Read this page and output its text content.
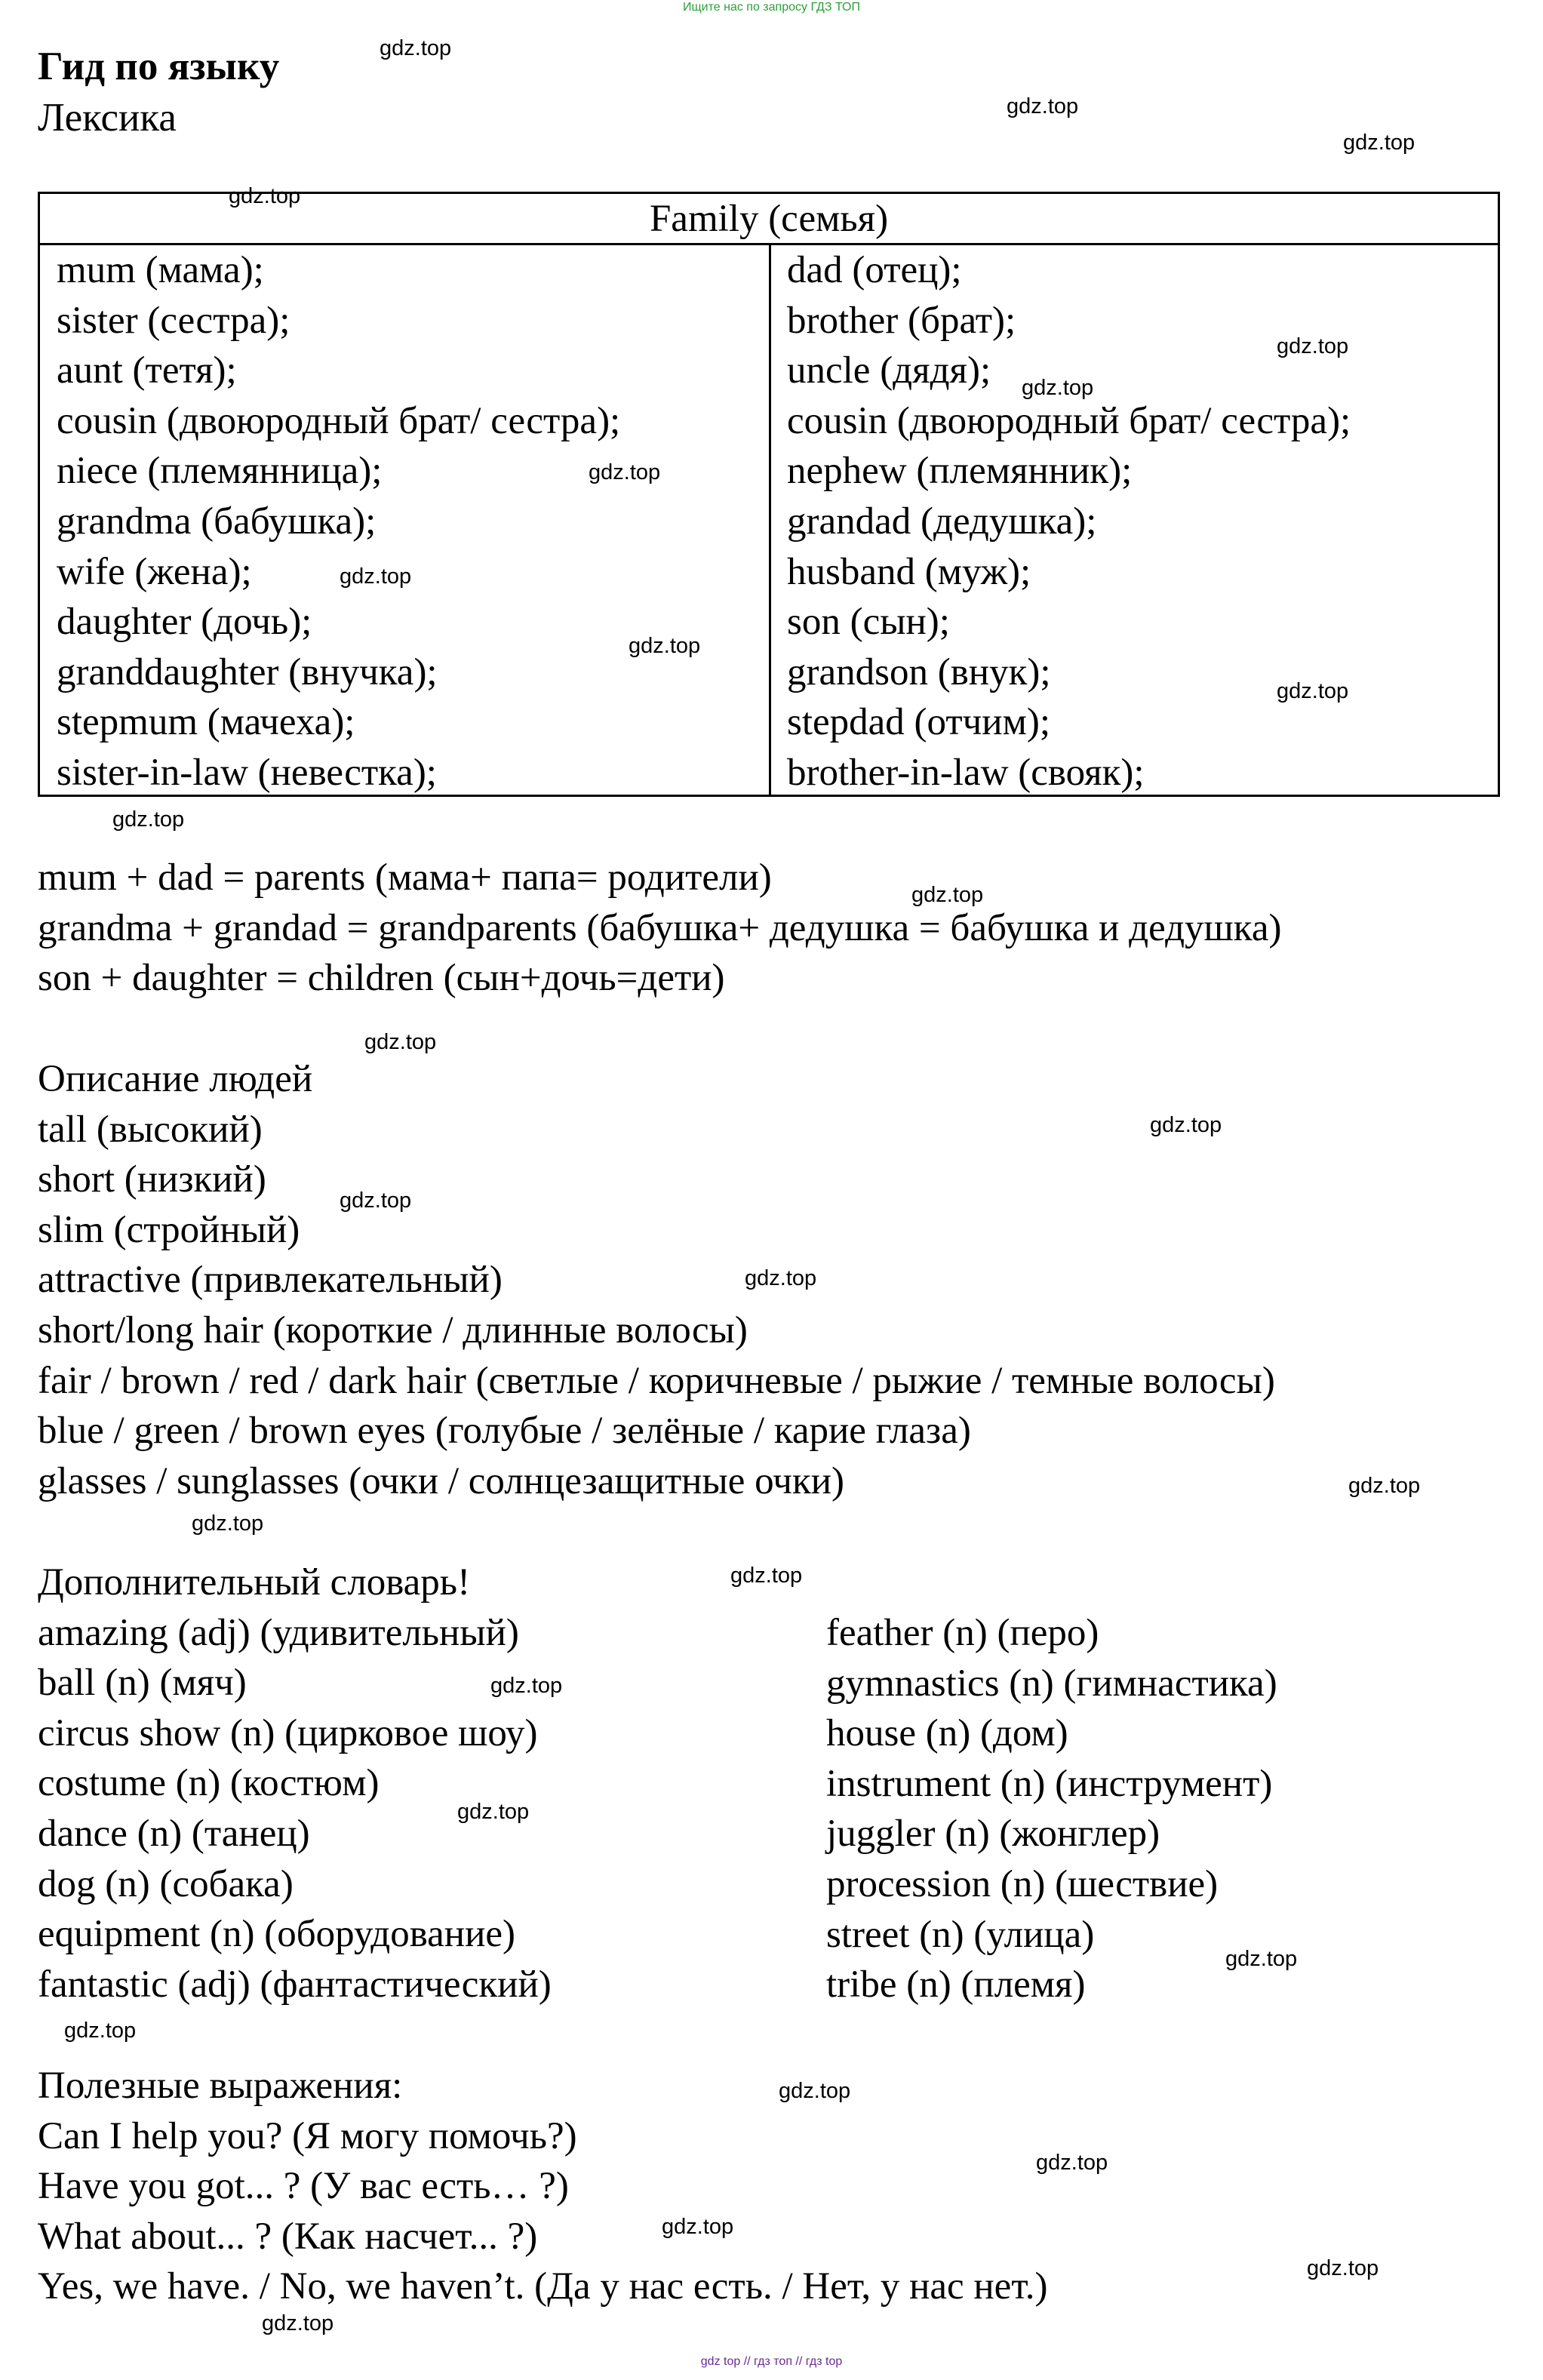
Ищите нас по запросу ГДЗ ТОП
Гид по языку
Лексика
Family (семья)
mum (мама);
sister (сестра);
aunt (тетя);
cousin (двоюродный брат/ сестра);
niece (племянница);
grandma (бабушка);
wife (жена);
daughter (дочь);
granddaughter (внучка);
stepmum (мачеха);
sister-in-law (невестка);
dad (отец);
brother (брат);
uncle (дядя);
cousin (двоюродный брат/ сестра);
nephew (племянник);
grandad (дедушка);
husband (муж);
son (сын);
grandson (внук);
stepdad (отчим);
brother-in-law (свояк);
mum + dad = parents (мама+ папа= родители)
grandma + grandad = grandparents (бабушка+ дедушка = бабушка и дедушка)
son + daughter = children (сын+дочь=дети)
Описание людей
tall (высокий)
short (низкий)
slim (стройный)
attractive (привлекательный)
short/long hair (короткие / длинные волосы)
fair / brown / red / dark hair (светлые / коричневые / рыжие / темные волосы)
blue / green / brown eyes (голубые / зелёные / карие глаза)
glasses / sunglasses (очки / солнцезащитные очки)
Дополнительный словарь!
amazing (adj) (удивительный)
ball (n) (мяч)
circus show (n) (цирковое шоу)
costume (n) (костюм)
dance (n) (танец)
dog (n) (собака)
equipment (n) (оборудование)
fantastic (adj) (фантастический)
feather (n) (перо)
gymnastics (n) (гимнастика)
house (n) (дом)
instrument (n) (инструмент)
juggler (n) (жонглер)
procession (n) (шествие)
street (n) (улица)
tribe (n) (племя)
Полезные выражения:
Can I help you? (Я могу помочь?)
Have you got... ? (У вас есть… ?)
What about... ? (Как насчет... ?)
Yes, we have. / No, we haven’t. (Да у нас есть. / Нет, у нас нет.)
gdz.top
gdz.top
gdz.top
gdz.top
gdz.top
gdz.top
gdz.top
gdz.top
gdz.top
gdz.top
gdz.top
gdz.top
gdz.top
gdz.top
gdz.top
gdz.top
gdz.top
gdz.top
gdz.top
gdz.top
gdz.top
gdz.top
gdz.top
gdz.top
gdz.top
gdz.top
gdz.top
gdz.top
gdz top // гдз топ // гдз top
